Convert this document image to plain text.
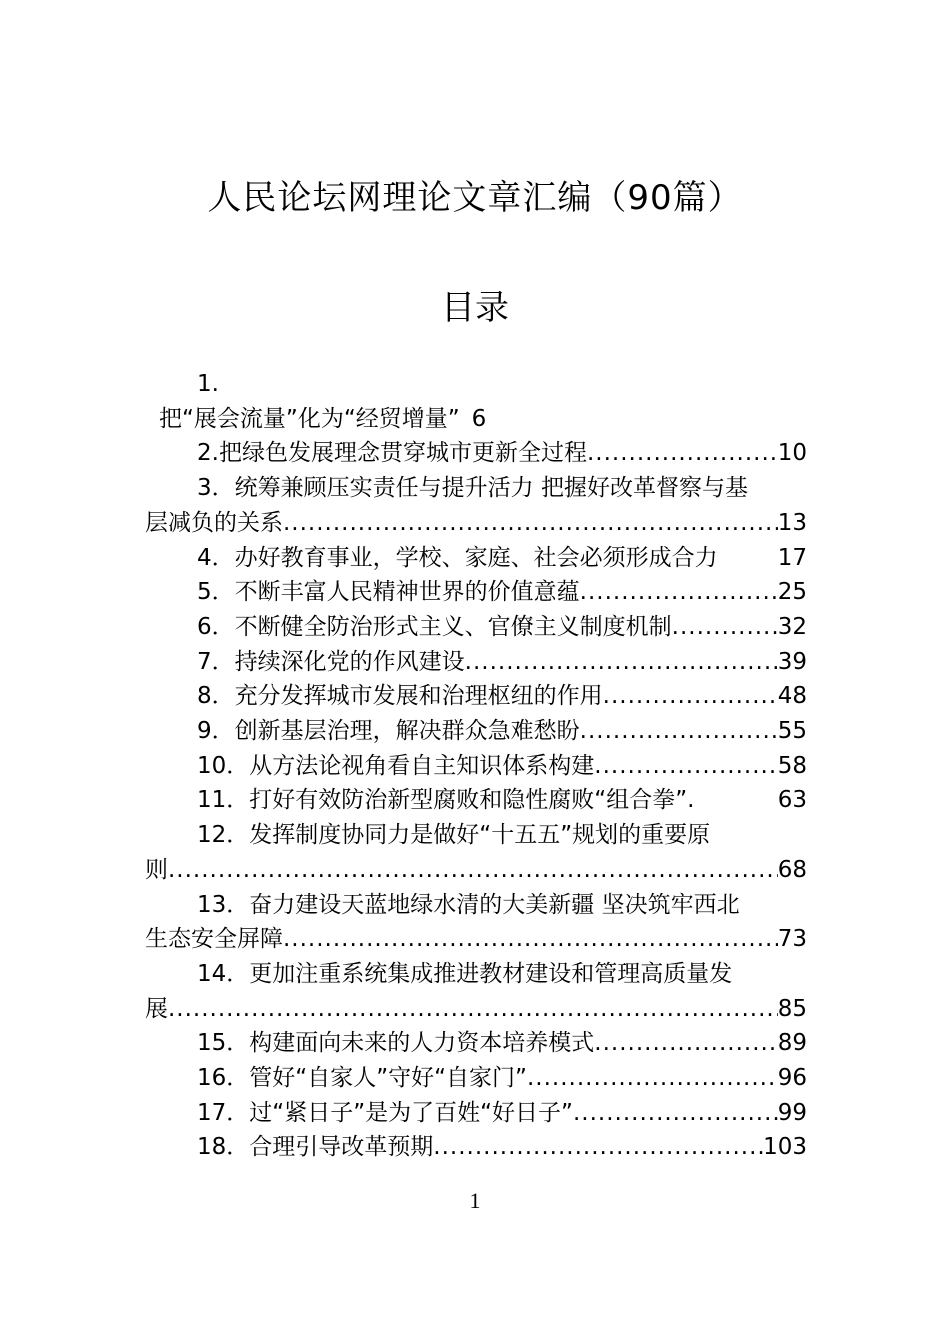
人民论坛网理论文章汇编（90篇）
目录
1.
把“展会流量”化为“经贸增量” 6
2. 把绿色发展理念贯穿城市更新全过程 .....	10
3． 统筹兼顾压实责任与提升活力 把握好改革督察与基
层减负的关系 .....	13
4． 办好教育事业，学校、家庭、社会必须形成合力	17
5． 不断丰富人民精神世界的价值意蕴 .....	25
6． 不断健全防治形式主义、官僚主义制度机制 .....	32
7． 持续深化党的作风建设 .....	39
8． 充分发挥城市发展和治理枢纽的作用 .....	48
9． 创新基层治理，解决群众急难愁盼 .....	55
10． 从方法论视角看自主知识体系构建 .....	58
11． 打好有效防治新型腐败和隐性腐败“组合拳” .	63
12． 发挥制度协同力是做好“十五五”规划的重要原
则 .....	68
13． 奋力建设天蓝地绿水清的大美新疆 坚决筑牢西北
生态安全屏障 .....	73
14． 更加注重系统集成推进教材建设和管理高质量发
展 .....	85
15． 构建面向未来的人力资本培养模式 .....	89
16． 管好“自家人”守好“自家门” .....	96
17． 过“紧日子”是为了百姓“好日子” .....	99
18． 合理引导改革预期 .....	103
1
